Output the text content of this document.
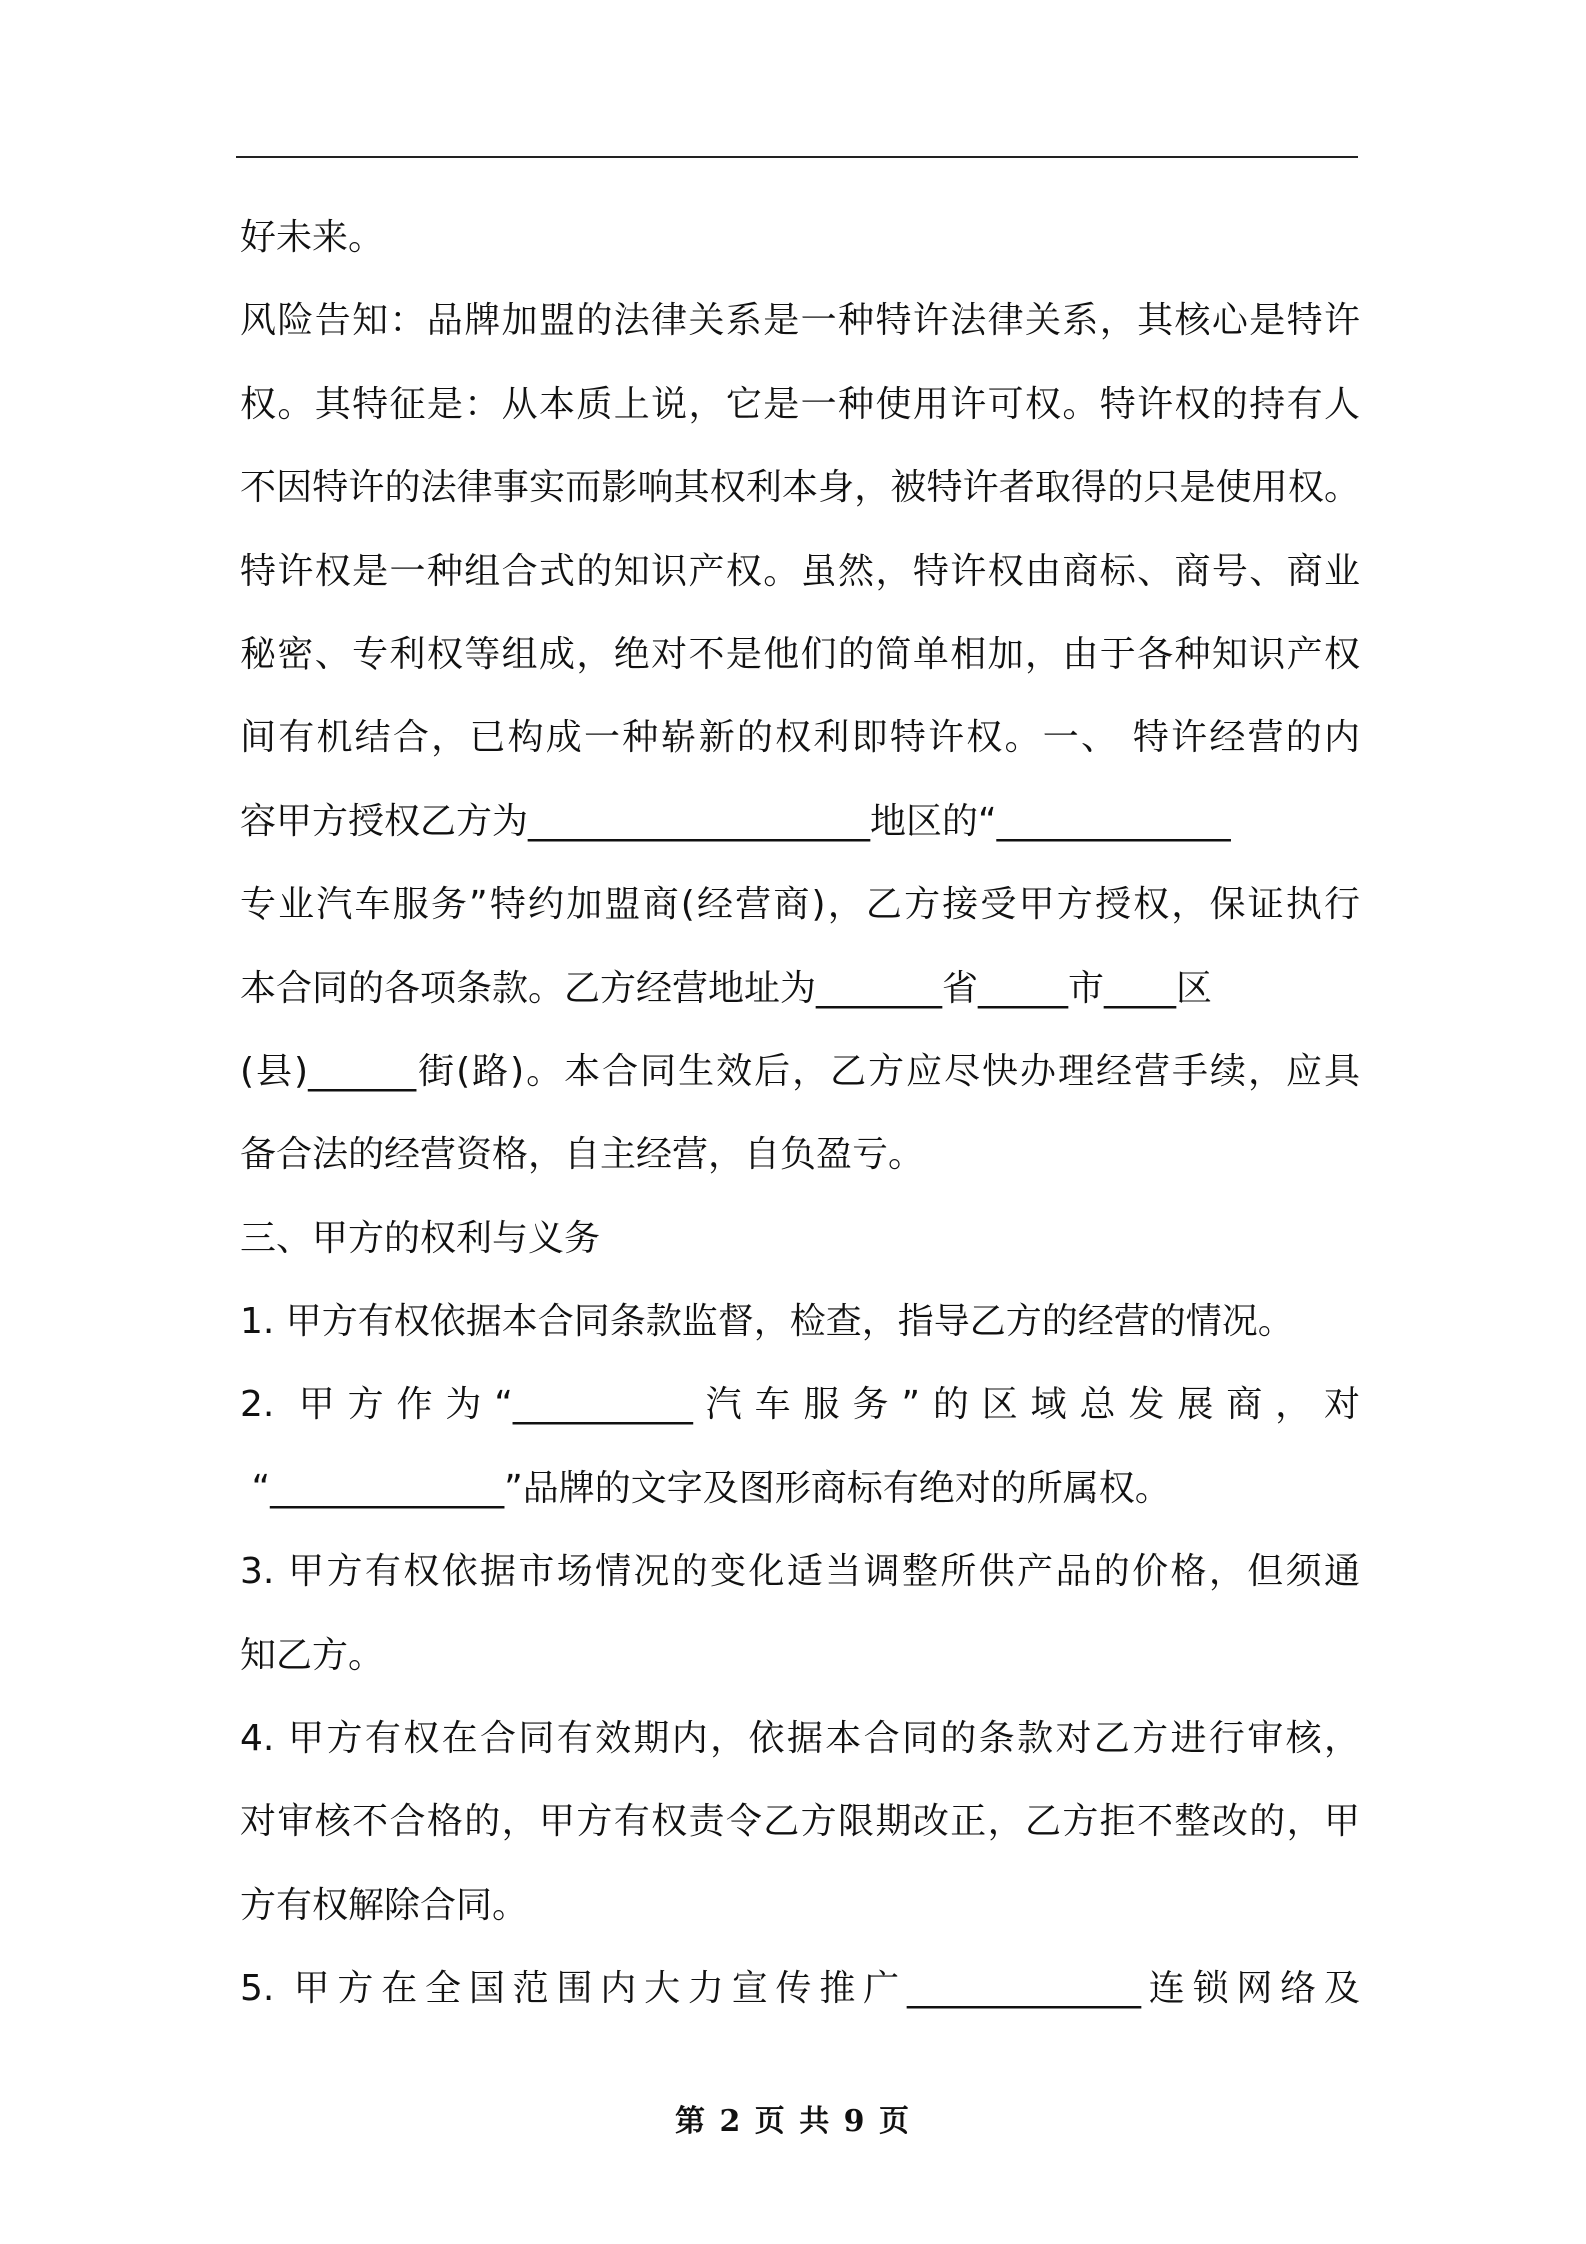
好未来。
风险告知：品牌加盟的法律关系是一种特许法律关系，其核心是特许
权。其特征是：从本质上说，它是一种使用许可权。特许权的持有人
不因特许的法律事实而影响其权利本身，被特许者取得的只是使用权。
特许权是一种组合式的知识产权。虽然，特许权由商标、商号、商业
秘密、专利权等组成，绝对不是他们的简单相加，由于各种知识产权
间有机结合，已构成一种崭新的权利即特许权。一、 特许经营的内
容甲方授权乙方为___________________地区的“_____________
专业汽车服务”特约加盟商(经营商)，乙方接受甲方授权，保证执行
本合同的各项条款。乙方经营地址为_______省_____市____区
(县)______街(路)。本合同生效后，乙方应尽快办理经营手续，应具
备合法的经营资格，自主经营，自负盈亏。
三、甲方的权利与义务
1. 甲方有权依据本合同条款监督，检查，指导乙方的经营的情况。
2. 甲方作为“__________汽车服务”的区域总发展商，对
“_____________”品牌的文字及图形商标有绝对的所属权。
3. 甲方有权依据市场情况的变化适当调整所供产品的价格，但须通
知乙方。
4. 甲方有权在合同有效期内，依据本合同的条款对乙方进行审核，
对审核不合格的，甲方有权责令乙方限期改正，乙方拒不整改的，甲
方有权解除合同。
5. 甲方在全国范围内大力宣传推广_____________连锁网络及
第 2 页 共 9 页
